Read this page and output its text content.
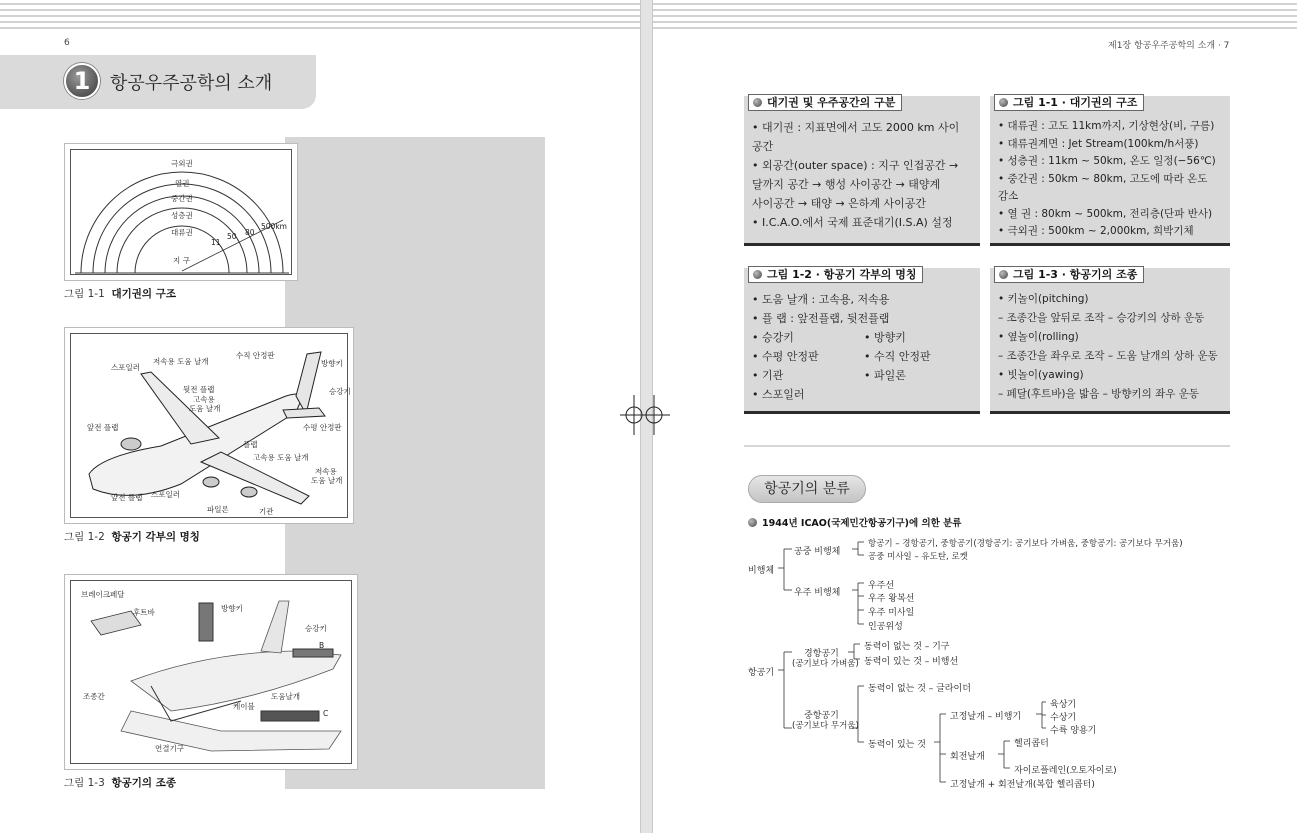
6
1	항공우주공학의 소개
극외권
열권
중간권
성층권
대류권
지 구
11
50 80
500km
그림 1-1 대기권의 구조
스포일러
저속용 도움 날개
뒷전 플랩
고속용
도움 날개
앞전 플랩
수직 안정판
방향키
승강기
수평 안정판
플랩
고속용 도움 날개
저속용
도움 날개
앞전 플랩 스포일러
파일론	기관
그림 1-2 항공기 각부의 명칭
브레이크페달
후트바	방향키
승강키
조종간
케이블
도움날개
연결기구
B
C
그림 1-3 항공기의 조종
제1장 항공우주공학의 소개 · 7
대기권 및 우주공간의 구분
• 대기권 : 지표면에서 고도 2000 km 사이
공간
• 외공간(outer space) : 지구 인접공간 →
달까지 공간 → 행성 사이공간 → 태양계
사이공간 → 태양 → 은하계 사이공간
• I.C.A.O.에서 국제 표준대기(I.S.A) 설정
그림 1-1 · 대기권의 구조
• 대류권 : 고도 11km까지, 기상현상(비, 구름)
• 대류권계면 : Jet Stream(100km/h서풍)
• 성층권 : 11km ~ 50km, 온도 일정(−56℃)
• 중간권 : 50km ~ 80km, 고도에 따라 온도
감소
• 열 권 : 80km ~ 500km, 전리층(단파 반사)
• 극외권 : 500km ~ 2,000km, 희박기체
그림 1-2 · 항공기 각부의 명칭
• 도움 날개 : 고속용, 저속용
• 플 랩 : 앞전플랩, 뒷전플랩
• 승강키	• 방향키
• 수평 안정판	• 수직 안정판
• 기관	• 파일론
• 스포일러
그림 1-3 · 항공기의 조종
• 키놀이(pitching)
– 조종간을 앞뒤로 조작 – 승강키의 상하 운동
• 옆놀이(rolling)
– 조종간을 좌우로 조작 – 도움 날개의 상하 운동
• 빗놀이(yawing)
– 페달(후트바)을 밟음 – 방향키의 좌우 운동
항공기의 분류
1944년 ICAO(국제민간항공기구)에 의한 분류
비행체
공중 비행체
항공기 – 경항공기, 중항공기(경항공기: 공기보다 가벼움, 중항공기: 공기보다 무거움)
공중 미사일 – 유도탄, 로켓
우주 비행체
우주선
우주 왕복선
우주 미사일
인공위성
항공기
경항공기
(공기보다 가벼움)
동력이 없는 것 – 기구
동력이 있는 것 – 비행선
중항공기
(공기보다 무거움)
동력이 없는 것 – 글라이더
동력이 있는 것
고정날개 – 비행기
육상기
수상기
수륙 양용기
회전날개
헬리콥터
자이로플레인(오토자이로)
고정날개 + 회전날개(복합 헬리콥터)
